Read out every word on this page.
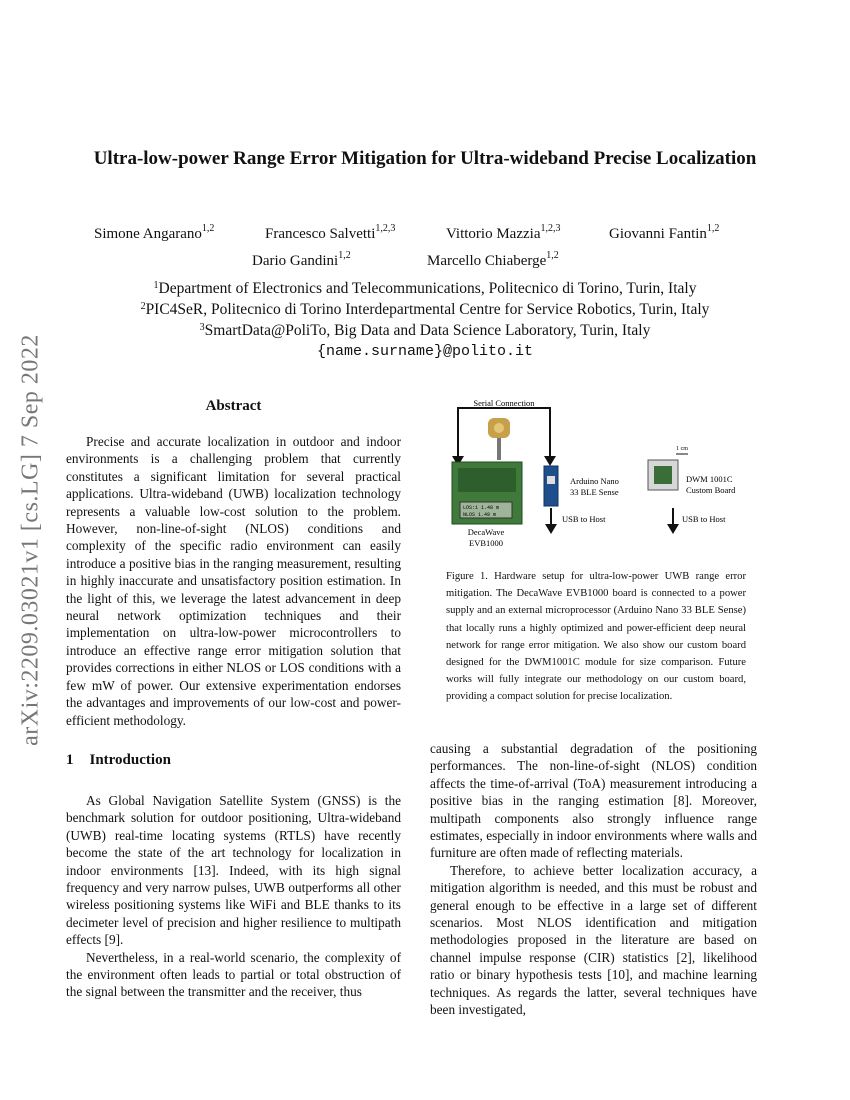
arXiv:2209.03021v1 [cs.LG] 7 Sep 2022
Ultra-low-power Range Error Mitigation for Ultra-wideband Precise Localization
Simone Angarano$^{1,2}$	Francesco Salvetti$^{1,2,3}$	Vittorio Mazzia$^{1,2,3}$	Giovanni Fantin$^{1,2}$
Dario Gandini$^{1,2}$	Marcello Chiaberge$^{1,2}$
$^1$Department of Electronics and Telecommunications, Politecnico di Torino, Turin, Italy
$^2$PIC4SeR, Politecnico di Torino Interdepartmental Centre for Service Robotics, Turin, Italy
$^3$SmartData@PoliTo, Big Data and Data Science Laboratory, Turin, Italy
{name.surname}@polito.it
Abstract

Precise and accurate localization in outdoor and indoor environments is a challenging problem that currently constitutes a significant limitation for several practical applications. Ultra-wideband (UWB) localization technology represents a valuable low-cost solution to the problem. However, non-line-of-sight (NLOS) conditions and complexity of the specific radio environment can easily introduce a positive bias in the ranging measurement, resulting in highly inaccurate and unsatisfactory position estimation. In the light of this, we leverage the latest advancement in deep neural network optimization techniques and their implementation on ultra-low-power microcontrollers to introduce an effective range error mitigation solution that provides corrections in either NLOS or LOS conditions with a few mW of power. Our extensive experimentation endorses the advantages and improvements of our low-cost and power-efficient methodology.

1 Introduction

As Global Navigation Satellite System (GNSS) is the benchmark solution for outdoor positioning, Ultra-wideband (UWB) real-time locating systems (RTLS) have recently become the state of the art technology for localization in indoor environments [13]. Indeed, with its high signal frequency and very narrow pulses, UWB outperforms all other wireless positioning systems like WiFi and BLE thanks to its decimeter level of precision and higher resilience to multipath effects [9].

Nevertheless, in a real-world scenario, the complexity of the environment often leads to partial or total obstruction of the signal between the transmitter and the receiver, thus

causing a substantial degradation of the positioning performances. The non-line-of-sight (NLOS) condition affects the time-of-arrival (ToA) measurement introducing a positive bias in the ranging estimation [8]. Moreover, multipath components also strongly influence range estimates, especially in indoor environments where walls and furniture are often made of reflecting materials.

Therefore, to achieve better localization accuracy, a mitigation algorithm is needed, and this must be robust and general enough to be effective in a large set of different scenarios. Most NLOS identification and mitigation methodologies proposed in the literature are based on channel impulse response (CIR) statistics [2], likelihood ratio or binary hypothesis tests [10], and machine learning techniques. As regards the latter, several techniques have been investigated,

Serial Connection
LOS:1 1.48 m
NLOS 1.49 m
DecaWave
EVB1000
Arduino Nano
33 BLE Sense
USB to Host
1 cm
DWM 1001C
Custom Board
USB to Host
Figure 1. Hardware setup for ultra-low-power UWB range error mitigation. The DecaWave EVB1000 board is connected to a power supply and an external microprocessor (Arduino Nano 33 BLE Sense) that locally runs a highly optimized and power-efficient deep neural network for range error mitigation. We also show our custom board designed for the DWM1001C module for size comparison. Future works will fully integrate our methodology on our custom board, providing a compact solution for precise localization.
